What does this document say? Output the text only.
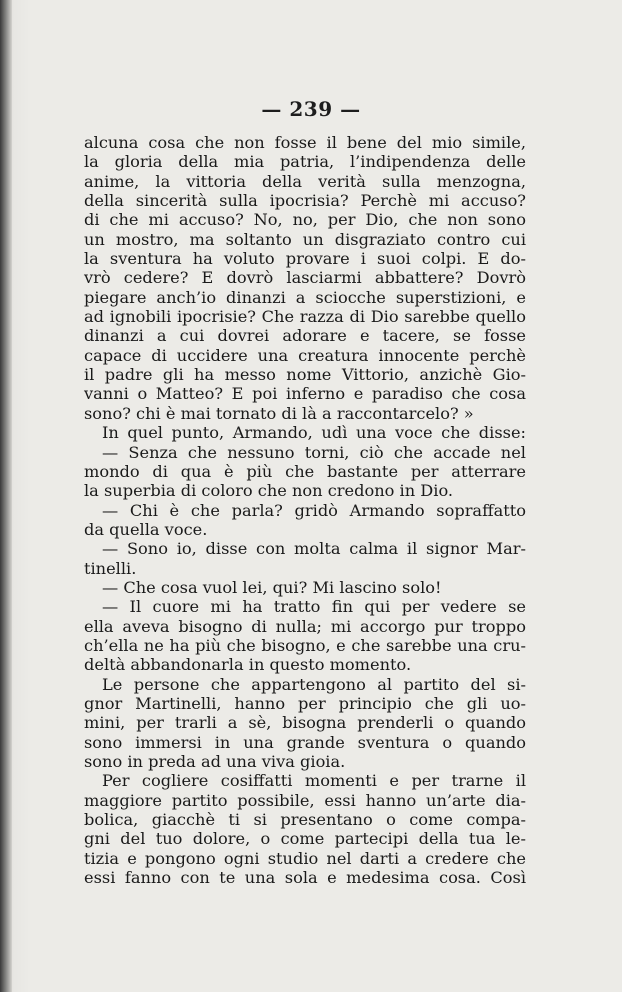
— 239 —
alcuna cosa che non fosse il bene del mio simile,
la gloria della mia patria, l’indipendenza delle
anime, la vittoria della verità sulla menzogna,
della sincerità sulla ipocrisia? Perchè mi accuso?
di che mi accuso? No, no, per Dio, che non sono
un mostro, ma soltanto un disgraziato contro cui
la sventura ha voluto provare i suoi colpi. E do-
vrò cedere? E dovrò lasciarmi abbattere? Dovrò
piegare anch’io dinanzi a sciocche superstizioni, e
ad ignobili ipocrisie? Che razza di Dio sarebbe quello
dinanzi a cui dovrei adorare e tacere, se fosse
capace di uccidere una creatura innocente perchè
il padre gli ha messo nome Vittorio, anzichè Gio-
vanni o Matteo? E poi inferno e paradiso che cosa
sono? chi è mai tornato di là a raccontarcelo? »
In quel punto, Armando, udì una voce che disse:
— Senza che nessuno torni, ciò che accade nel
mondo di qua è più che bastante per atterrare
la superbia di coloro che non credono in Dio.
— Chi è che parla? gridò Armando sopraffatto
da quella voce.
— Sono io, disse con molta calma il signor Mar-
tinelli.
— Che cosa vuol lei, qui? Mi lascino solo!
— Il cuore mi ha tratto fin qui per vedere se
ella aveva bisogno di nulla; mi accorgo pur troppo
ch’ella ne ha più che bisogno, e che sarebbe una cru-
deltà abbandonarla in questo momento.
Le persone che appartengono al partito del si-
gnor Martinelli, hanno per principio che gli uo-
mini, per trarli a sè, bisogna prenderli o quando
sono immersi in una grande sventura o quando
sono in preda ad una viva gioia.
Per cogliere cosiffatti momenti e per trarne il
maggiore partito possibile, essi hanno un’arte dia-
bolica, giacchè ti si presentano o come compa-
gni del tuo dolore, o come partecipi della tua le-
tizia e pongono ogni studio nel darti a credere che
essi fanno con te una sola e medesima cosa. Così
